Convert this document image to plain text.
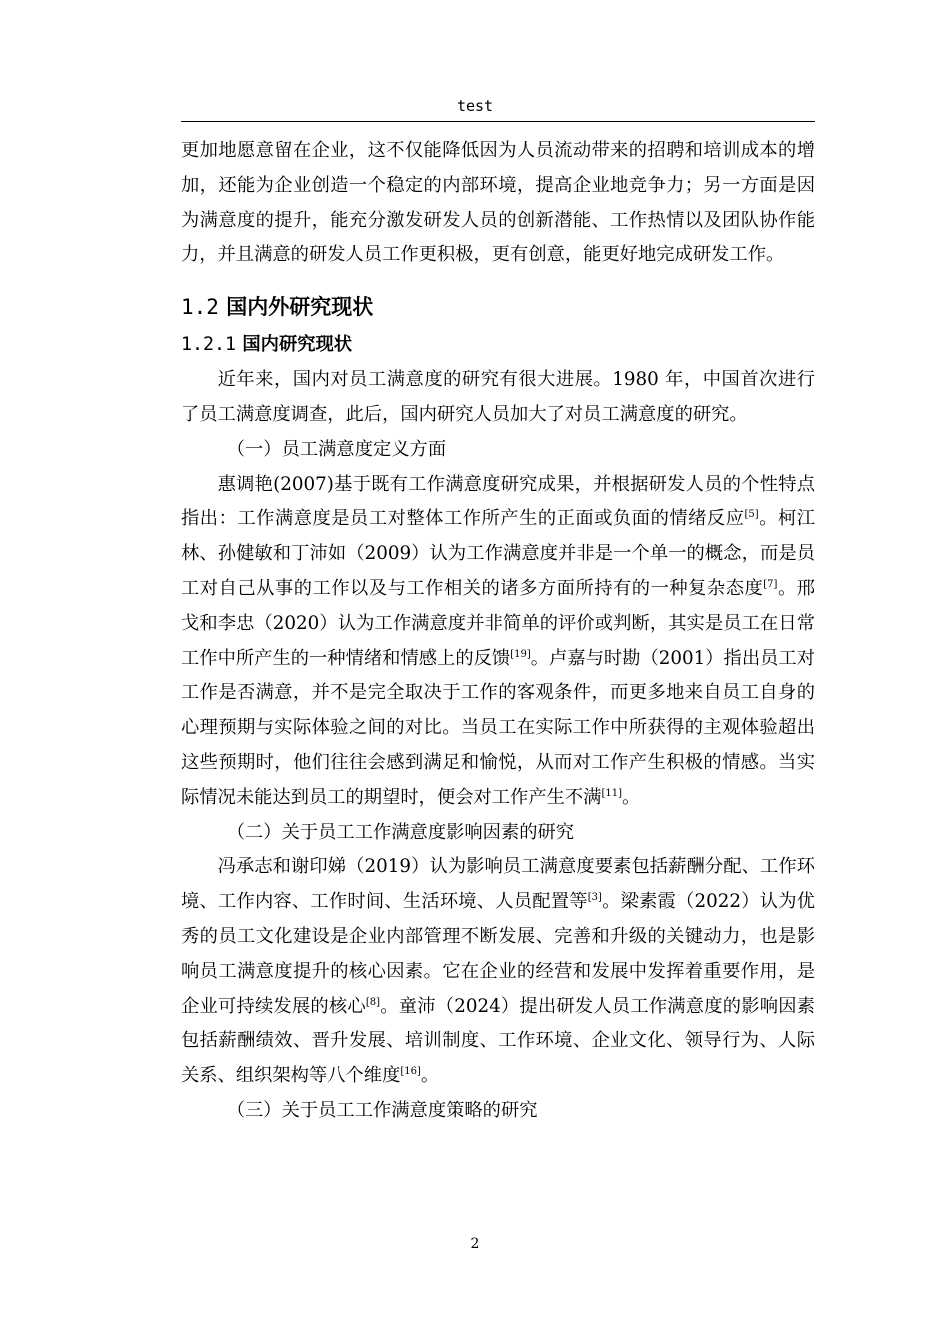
test

更加地愿意留在企业，这不仅能降低因为人员流动带来的招聘和培训成本的增加，还能为企业创造一个稳定的内部环境，提高企业地竞争力；另一方面是因为满意度的提升，能充分激发研发人员的创新潜能、工作热情以及团队协作能力，并且满意的研发人员工作更积极，更有创意，能更好地完成研发工作。

1.2 国内外研究现状
1.2.1 国内研究现状

近年来，国内对员工满意度的研究有很大进展。1980 年，中国首次进行了员工满意度调查，此后，国内研究人员加大了对员工满意度的研究。

（一）员工满意度定义方面

惠调艳(2007)基于既有工作满意度研究成果，并根据研发人员的个性特点指出：工作满意度是员工对整体工作所产生的正面或负面的情绪反应[5]。柯江林、孙健敏和丁沛如（2009）认为工作满意度并非是一个单一的概念，而是员工对自己从事的工作以及与工作相关的诸多方面所持有的一种复杂态度[7]。邢戈和李忠（2020）认为工作满意度并非简单的评价或判断，其实是员工在日常工作中所产生的一种情绪和情感上的反馈[19]。卢嘉与时勘（2001）指出员工对工作是否满意，并不是完全取决于工作的客观条件，而更多地来自员工自身的心理预期与实际体验之间的对比。当员工在实际工作中所获得的主观体验超出这些预期时，他们往往会感到满足和愉悦，从而对工作产生积极的情感。当实际情况未能达到员工的期望时，便会对工作产生不满[11]。

（二）关于员工工作满意度影响因素的研究

冯承志和谢印娣（2019）认为影响员工满意度要素包括薪酬分配、工作环境、工作内容、工作时间、生活环境、人员配置等[3]。梁素霞（2022）认为优秀的员工文化建设是企业内部管理不断发展、完善和升级的关键动力，也是影响员工满意度提升的核心因素。它在企业的经营和发展中发挥着重要作用，是企业可持续发展的核心[8]。童沛（2024）提出研发人员工作满意度的影响因素包括薪酬绩效、晋升发展、培训制度、工作环境、企业文化、领导行为、人际关系、组织架构等八个维度[16]。

（三）关于员工工作满意度策略的研究

2
